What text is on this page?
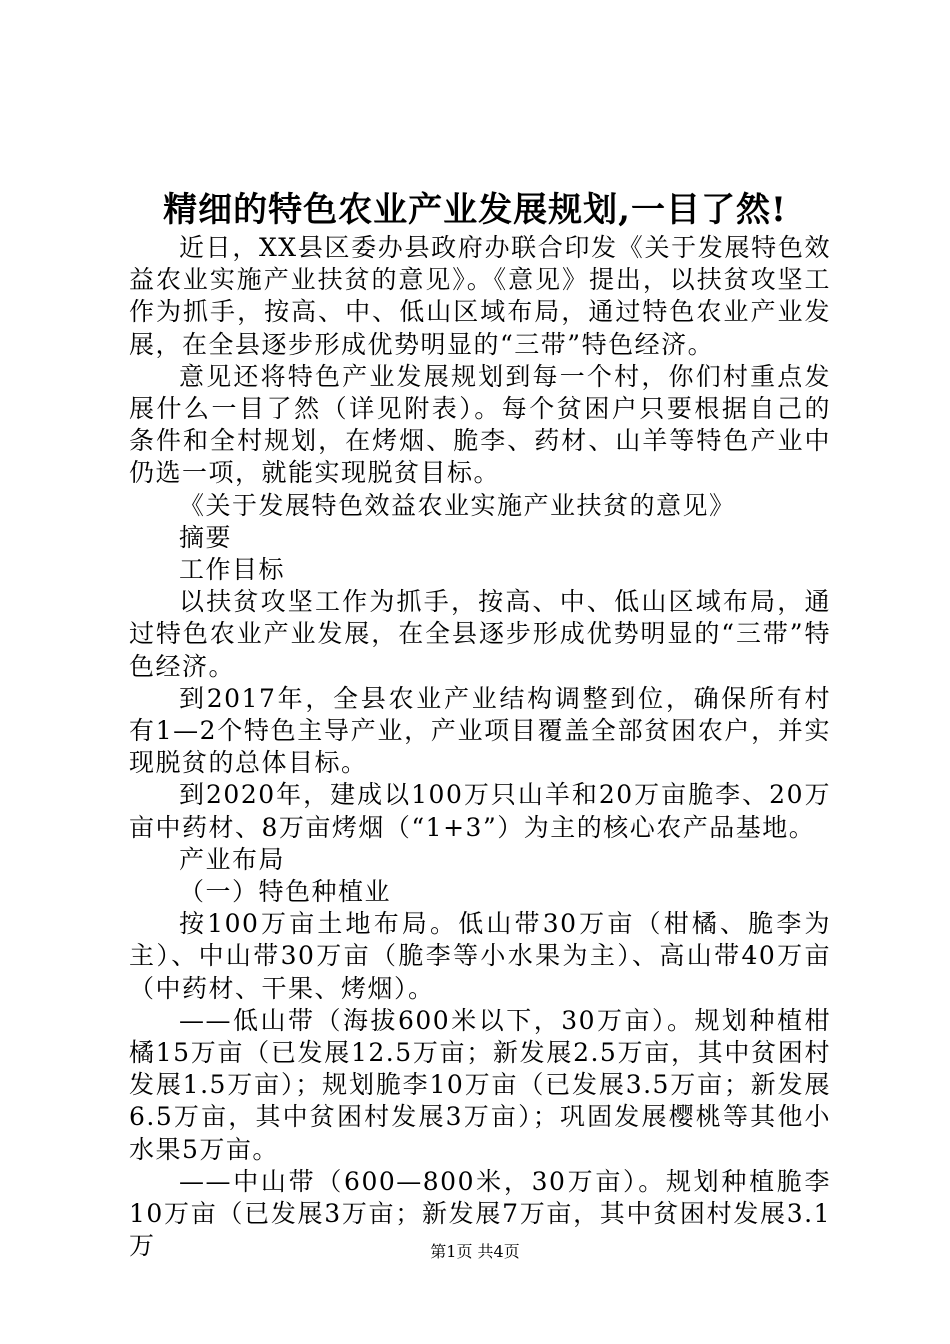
精细的特色农业产业发展规划,一目了然!

近日，XX县区委办县政府办联合印发《关于发展特色效益农业实施产业扶贫的意见》。《意见》提出，以扶贫攻坚工作为抓手，按高、中、低山区域布局，通过特色农业产业发展，在全县逐步形成优势明显的“三带”特色经济。

意见还将特色产业发展规划到每一个村，你们村重点发展什么一目了然（详见附表）。每个贫困户只要根据自己的条件和全村规划，在烤烟、脆李、药材、山羊等特色产业中仍选一项，就能实现脱贫目标。

《关于发展特色效益农业实施产业扶贫的意见》

摘要

工作目标

以扶贫攻坚工作为抓手，按高、中、低山区域布局，通过特色农业产业发展，在全县逐步形成优势明显的“三带”特色经济。

到2017年，全县农业产业结构调整到位，确保所有村有1—2个特色主导产业，产业项目覆盖全部贫困农户，并实现脱贫的总体目标。

到2020年，建成以100万只山羊和20万亩脆李、20万亩中药材、8万亩烤烟（“1+3”）为主的核心农产品基地。

产业布局

（一）特色种植业

按100万亩土地布局。低山带30万亩（柑橘、脆李为主）、中山带30万亩（脆李等小水果为主）、高山带40万亩（中药材、干果、烤烟）。

——低山带（海拔600米以下，30万亩）。规划种植柑橘15万亩（已发展12.5万亩；新发展2.5万亩，其中贫困村发展1.5万亩）；规划脆李10万亩（已发展3.5万亩；新发展6.5万亩，其中贫困村发展3万亩）；巩固发展樱桃等其他小水果5万亩。

——中山带（600—800米，30万亩）。规划种植脆李10万亩（已发展3万亩；新发展7万亩，其中贫困村发展3.1万	第1页 共4页
